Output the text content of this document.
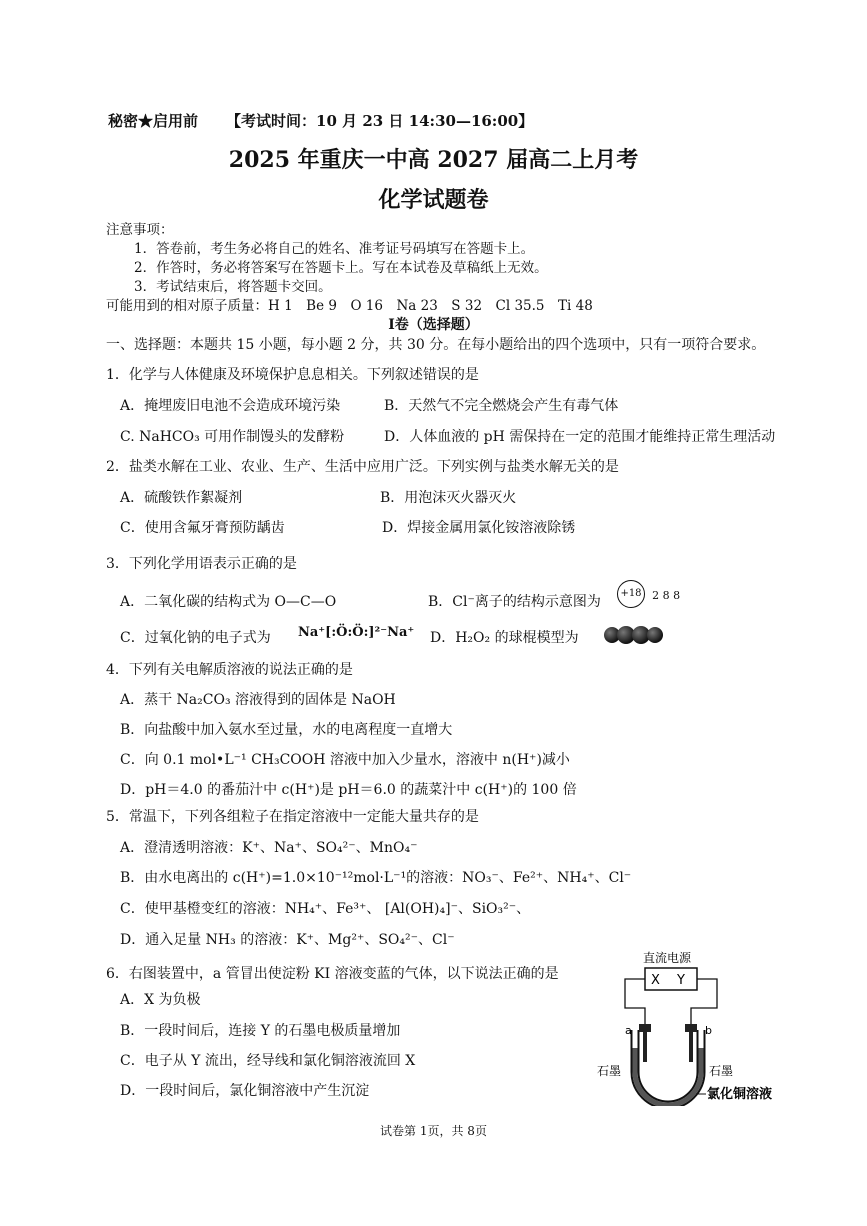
秘密★启用前 【考试时间：10 月 23 日 14:30—16:00】
2025 年重庆一中高 2027 届高二上月考
化学试题卷
注意事项：
1．答卷前，考生务必将自己的姓名、准考证号码填写在答题卡上。
2．作答时，务必将答案写在答题卡上。写在本试卷及草稿纸上无效。
3．考试结束后，将答题卡交回。
可能用到的相对原子质量：H 1　Be 9　O 16　Na 23　S 32　Cl 35.5　Ti 48
Ⅰ卷（选择题）
一、选择题：本题共 15 小题，每小题 2 分，共 30 分。在每小题给出的四个选项中，只有一项符合要求。
1．化学与人体健康及环境保护息息相关。下列叙述错误的是
A．掩埋废旧电池不会造成环境污染	B．天然气不完全燃烧会产生有毒气体
C. NaHCO₃ 可用作制馒头的发酵粉	D．人体血液的 pH 需保持在一定的范围才能维持正常生理活动
2．盐类水解在工业、农业、生产、生活中应用广泛。下列实例与盐类水解无关的是
A．硫酸铁作絮凝剂	B．用泡沫灭火器灭火
C．使用含氟牙膏预防龋齿	D．焊接金属用氯化铵溶液除锈
3．下列化学用语表示正确的是
A．二氧化碳的结构式为 O—C—O	B．Cl⁻离子的结构示意图为
+18 2 8 8
C．过氧化钠的电子式为 Na⁺[:Ö:Ö:]²⁻Na⁺ D．H₂O₂ 的球棍模型为
4．下列有关电解质溶液的说法正确的是
A．蒸干 Na₂CO₃ 溶液得到的固体是 NaOH
B．向盐酸中加入氨水至过量，水的电离程度一直增大
C．向 0.1 mol•L⁻¹ CH₃COOH 溶液中加入少量水，溶液中 n(H⁺)减小
D．pH＝4.0 的番茄汁中 c(H⁺)是 pH＝6.0 的蔬菜汁中 c(H⁺)的 100 倍
5．常温下，下列各组粒子在指定溶液中一定能大量共存的是
A．澄清透明溶液：K⁺、Na⁺、SO₄²⁻、MnO₄⁻
B．由水电离出的 c(H⁺)=1.0×10⁻¹²mol·L⁻¹的溶液：NO₃⁻、Fe²⁺、NH₄⁺、Cl⁻
C．使甲基橙变红的溶液：NH₄⁺、Fe³⁺、 [Al(OH)₄]⁻、SiO₃²⁻、
D．通入足量 NH₃ 的溶液：K⁺、Mg²⁺、SO₄²⁻、Cl⁻
6．右图装置中，a 管冒出使淀粉 KI 溶液变蓝的气体，以下说法正确的是
A．X 为负极
B．一段时间后，连接 Y 的石墨电极质量增加
C．电子从 Y 流出，经导线和氯化铜溶液流回 X
D．一段时间后，氯化铜溶液中产生沉淀
直流电源
X Y
a	b
石墨	石墨
氯化铜溶液
试卷第 1页，共 8页
